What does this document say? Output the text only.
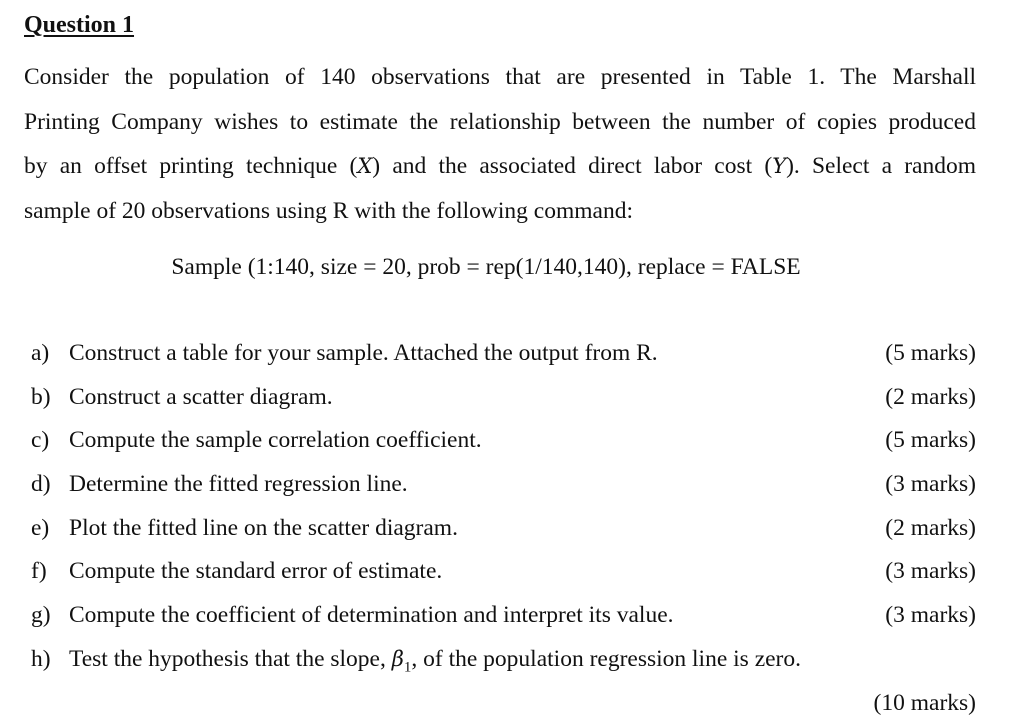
Question 1
Consider the population of 140 observations that are presented in Table 1. The Marshall
Printing Company wishes to estimate the relationship between the number of copies produced
by an offset printing technique (X) and the associated direct labor cost (Y). Select a random
sample of 20 observations using R with the following command:
Sample (1:140, size = 20, prob = rep(1/140,140), replace = FALSE
a) Construct a table for your sample. Attached the output from R.	(5 marks)
b) Construct a scatter diagram.	(2 marks)
c) Compute the sample correlation coefficient.	(5 marks)
d) Determine the fitted regression line.	(3 marks)
e) Plot the fitted line on the scatter diagram.	(2 marks)
f) Compute the standard error of estimate.	(3 marks)
g) Compute the coefficient of determination and interpret its value.	(3 marks)
h) Test the hypothesis that the slope, $\beta_1$, of the population regression line is zero.
(10 marks)
